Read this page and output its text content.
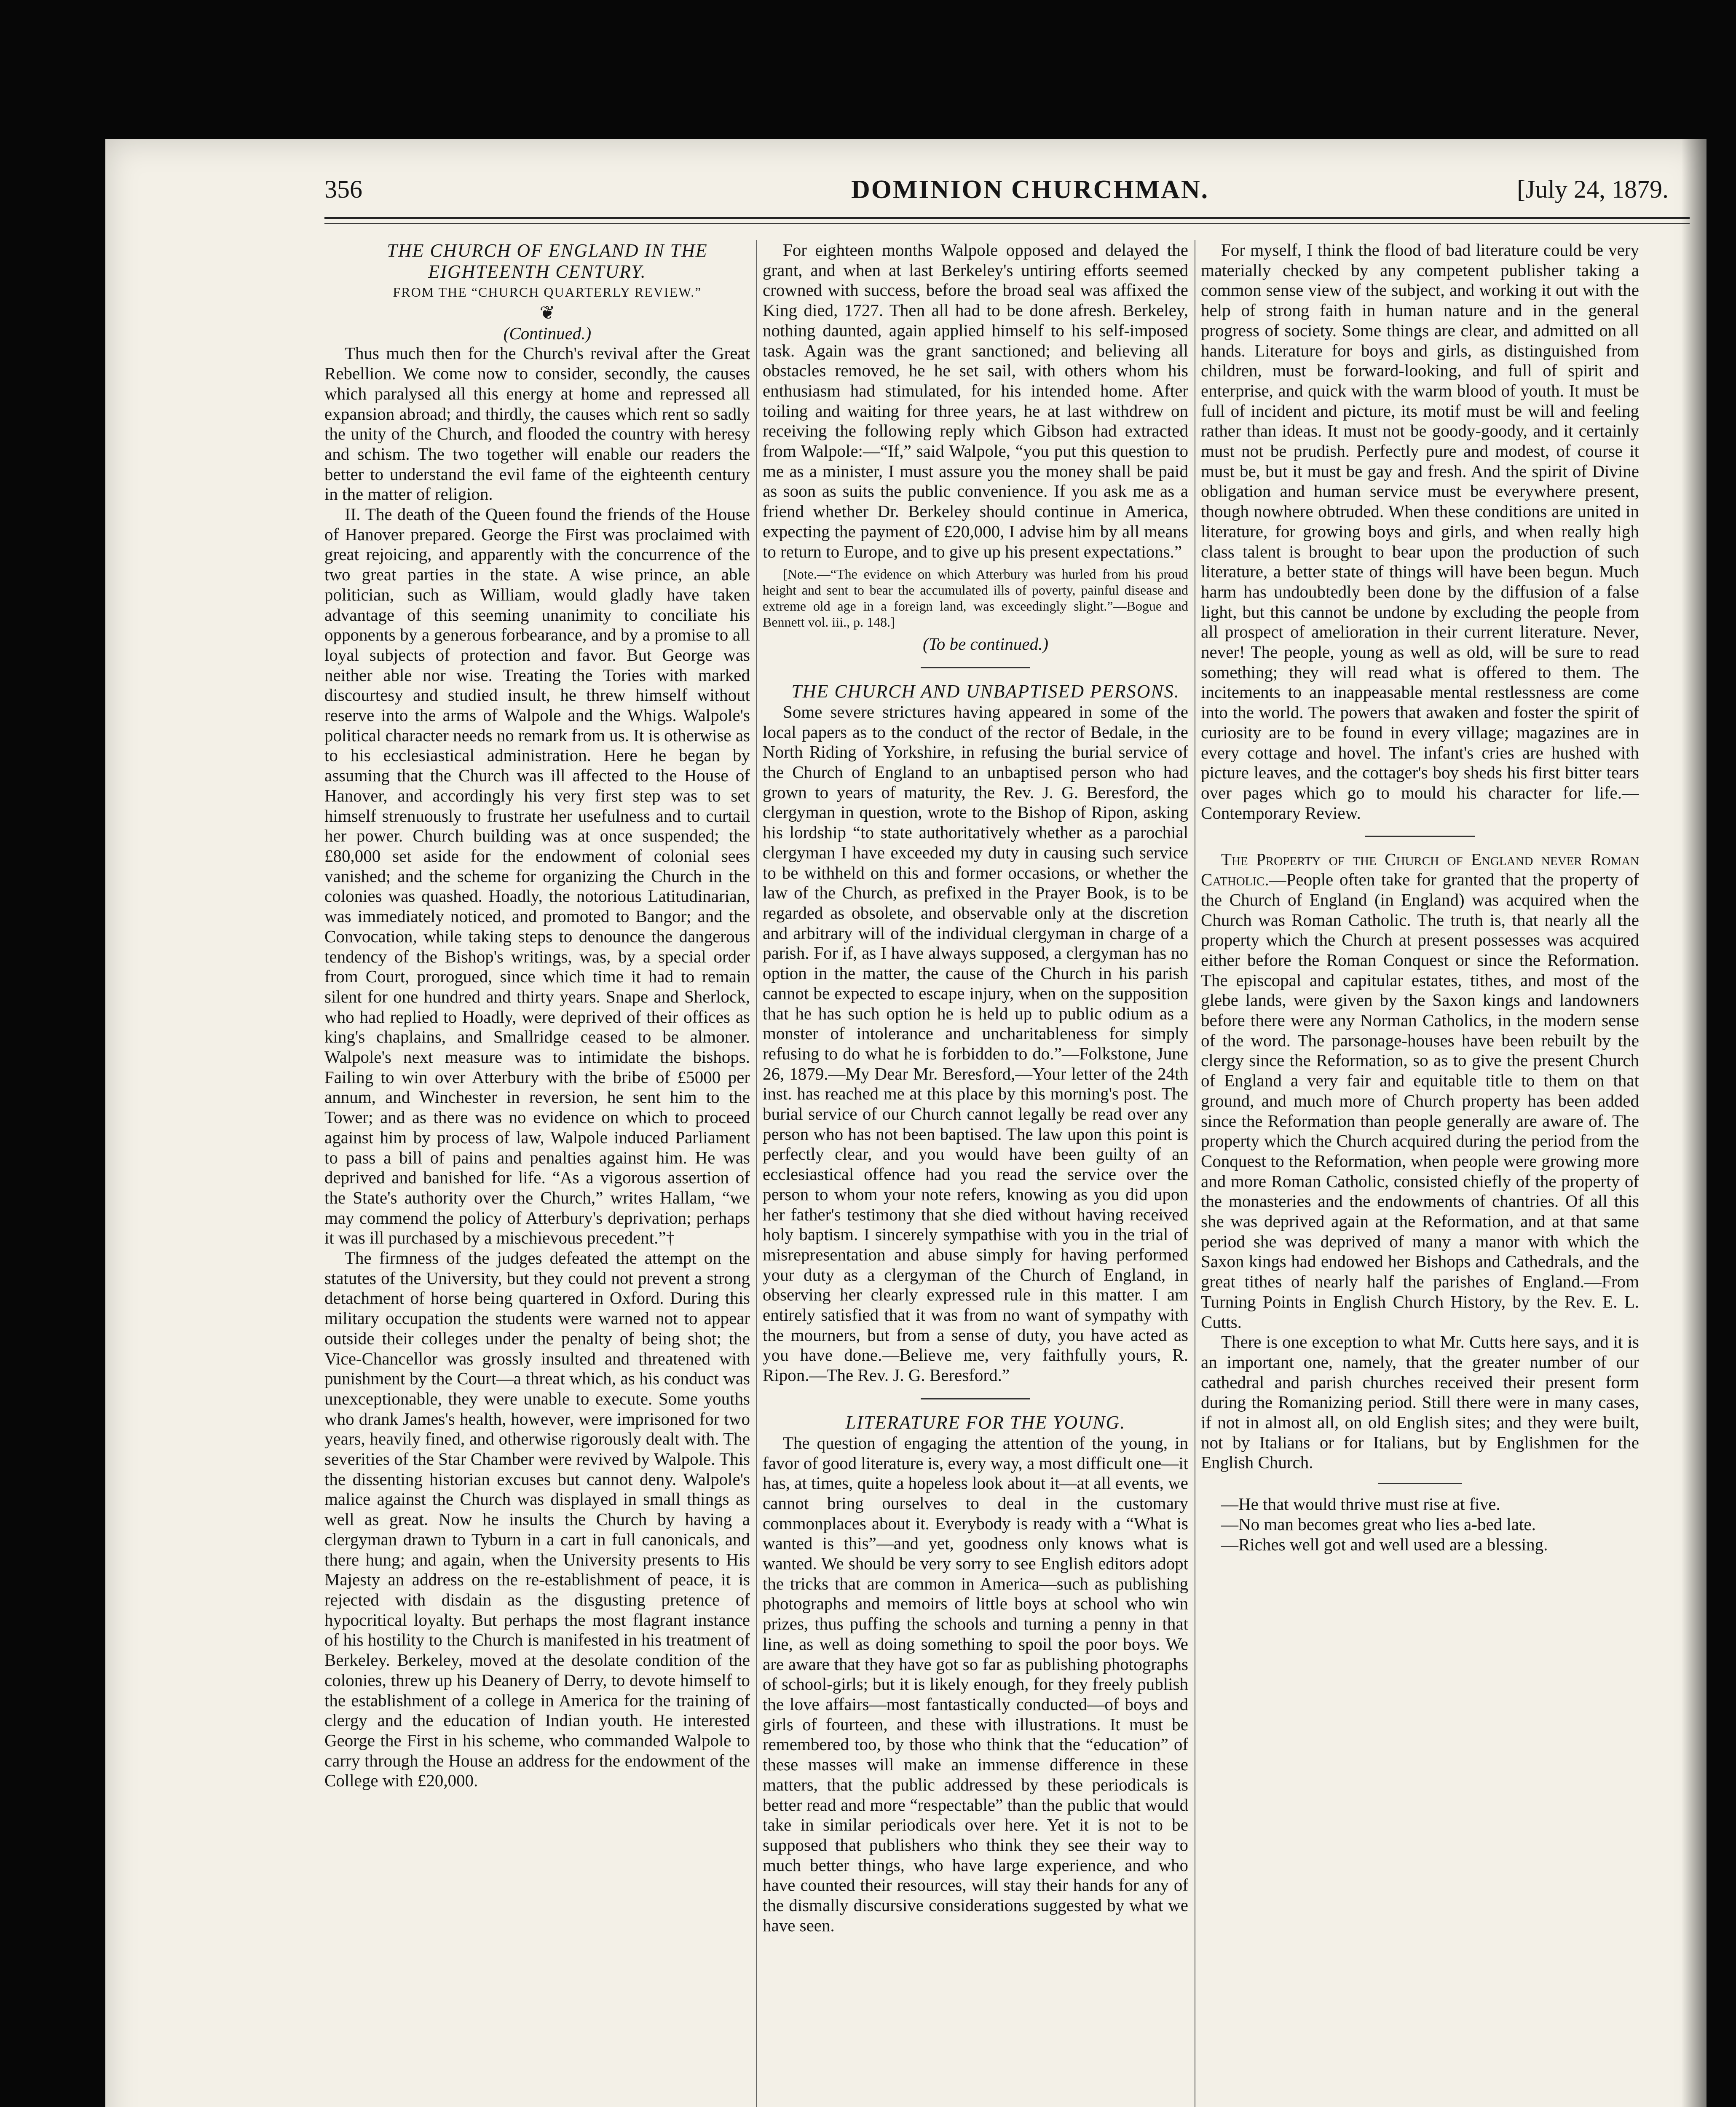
356	DOMINION CHURCHMAN.	[July 24, 1879.

THE CHURCH OF ENGLAND IN THE EIGHTEENTH CENTURY.

FROM THE “CHURCH QUARTERLY REVIEW.”

❦

(Continued.)

Thus much then for the Church's revival after the Great Rebellion. We come now to consider, secondly, the causes which paralysed all this energy at home and repressed all expansion abroad; and thirdly, the causes which rent so sadly the unity of the Church, and flooded the country with heresy and schism. The two together will enable our readers the better to understand the evil fame of the eighteenth century in the matter of religion.

II. The death of the Queen found the friends of the House of Hanover prepared. George the First was proclaimed with great rejoicing, and apparently with the concurrence of the two great parties in the state. A wise prince, an able politician, such as William, would gladly have taken advantage of this seeming unanimity to conciliate his opponents by a generous forbearance, and by a promise to all loyal subjects of protection and favor. But George was neither able nor wise. Treating the Tories with marked discourtesy and studied insult, he threw himself without reserve into the arms of Walpole and the Whigs. Walpole's political character needs no remark from us. It is otherwise as to his ecclesiastical administration. Here he began by assuming that the Church was ill affected to the House of Hanover, and accordingly his very first step was to set himself strenuously to frustrate her usefulness and to curtail her power. Church building was at once suspended; the £80,000 set aside for the endowment of colonial sees vanished; and the scheme for organizing the Church in the colonies was quashed. Hoadly, the notorious Latitudinarian, was immediately noticed, and promoted to Bangor; and the Convocation, while taking steps to denounce the dangerous tendency of the Bishop's writings, was, by a special order from Court, prorogued, since which time it had to remain silent for one hundred and thirty years. Snape and Sherlock, who had replied to Hoadly, were deprived of their offices as king's chaplains, and Smallridge ceased to be almoner. Walpole's next measure was to intimidate the bishops. Failing to win over Atterbury with the bribe of £5000 per annum, and Winchester in reversion, he sent him to the Tower; and as there was no evidence on which to proceed against him by process of law, Walpole induced Parliament to pass a bill of pains and penalties against him. He was deprived and banished for life. “As a vigorous assertion of the State's authority over the Church,” writes Hallam, “we may commend the policy of Atterbury's deprivation; perhaps it was ill purchased by a mischievous precedent.”†

The firmness of the judges defeated the attempt on the statutes of the University, but they could not prevent a strong detachment of horse being quartered in Oxford. During this military occupation the students were warned not to appear outside their colleges under the penalty of being shot; the Vice-Chancellor was grossly insulted and threatened with punishment by the Court—a threat which, as his conduct was unexceptionable, they were unable to execute. Some youths who drank James's health, however, were imprisoned for two years, heavily fined, and otherwise rigorously dealt with. The severities of the Star Chamber were revived by Walpole. This the dissenting historian excuses but cannot deny. Walpole's malice against the Church was displayed in small things as well as great. Now he insults the Church by having a clergyman drawn to Tyburn in a cart in full canonicals, and there hung; and again, when the University presents to His Majesty an address on the re-establishment of peace, it is rejected with disdain as the disgusting pretence of hypocritical loyalty. But perhaps the most flagrant instance of his hostility to the Church is manifested in his treatment of Berkeley. Berkeley, moved at the desolate condition of the colonies, threw up his Deanery of Derry, to devote himself to the establishment of a college in America for the training of clergy and the education of Indian youth. He interested George the First in his scheme, who commanded Walpole to carry through the House an address for the endowment of the College with £20,000.

For eighteen months Walpole opposed and delayed the grant, and when at last Berkeley's untiring efforts seemed crowned with success, before the broad seal was affixed the King died, 1727. Then all had to be done afresh. Berkeley, nothing daunted, again applied himself to his self-imposed task. Again was the grant sanctioned; and believing all obstacles removed, he he set sail, with others whom his enthusiasm had stimulated, for his intended home. After toiling and waiting for three years, he at last withdrew on receiving the following reply which Gibson had extracted from Walpole:—“If,” said Walpole, “you put this question to me as a minister, I must assure you the money shall be paid as soon as suits the public convenience. If you ask me as a friend whether Dr. Berkeley should continue in America, expecting the payment of £20,000, I advise him by all means to return to Europe, and to give up his present expectations.”

[Note.—“The evidence on which Atterbury was hurled from his proud height and sent to bear the accumulated ills of poverty, painful disease and extreme old age in a foreign land, was exceedingly slight.”—Bogue and Bennett vol. iii., p. 148.]

(To be continued.)

THE CHURCH AND UNBAPTISED PERSONS.

Some severe strictures having appeared in some of the local papers as to the conduct of the rector of Bedale, in the North Riding of Yorkshire, in refusing the burial service of the Church of England to an unbaptised person who had grown to years of maturity, the Rev. J. G. Beresford, the clergyman in question, wrote to the Bishop of Ripon, asking his lordship “to state authoritatively whether as a parochial clergyman I have exceeded my duty in causing such service to be withheld on this and former occasions, or whether the law of the Church, as prefixed in the Prayer Book, is to be regarded as obsolete, and observable only at the discretion and arbitrary will of the individual clergyman in charge of a parish. For if, as I have always supposed, a clergyman has no option in the matter, the cause of the Church in his parish cannot be expected to escape injury, when on the supposition that he has such option he is held up to public odium as a monster of intolerance and uncharitableness for simply refusing to do what he is forbidden to do.”—Folkstone, June 26, 1879.—My Dear Mr. Beresford,—Your letter of the 24th inst. has reached me at this place by this morning's post. The burial service of our Church cannot legally be read over any person who has not been baptised. The law upon this point is perfectly clear, and you would have been guilty of an ecclesiastical offence had you read the service over the person to whom your note refers, knowing as you did upon her father's testimony that she died without having received holy baptism. I sincerely sympathise with you in the trial of misrepresentation and abuse simply for having performed your duty as a clergyman of the Church of England, in observing her clearly expressed rule in this matter. I am entirely satisfied that it was from no want of sympathy with the mourners, but from a sense of duty, you have acted as you have done.—Believe me, very faithfully yours, R. Ripon.—The Rev. J. G. Beresford.”

LITERATURE FOR THE YOUNG.

The question of engaging the attention of the young, in favor of good literature is, every way, a most difficult one—it has, at times, quite a hopeless look about it—at all events, we cannot bring ourselves to deal in the customary commonplaces about it. Everybody is ready with a “What is wanted is this”—and yet, goodness only knows what is wanted. We should be very sorry to see English editors adopt the tricks that are common in America—such as publishing photographs and memoirs of little boys at school who win prizes, thus puffing the schools and turning a penny in that line, as well as doing something to spoil the poor boys. We are aware that they have got so far as publishing photographs of school-girls; but it is likely enough, for they freely publish the love affairs—most fantastically conducted—of boys and girls of fourteen, and these with illustrations. It must be remembered too, by those who think that the “education” of these masses will make an immense difference in these matters, that the public addressed by these periodicals is better read and more “respectable” than the public that would take in similar periodicals over here. Yet it is not to be supposed that publishers who think they see their way to much better things, who have large experience, and who have counted their resources, will stay their hands for any of the dismally discursive considerations suggested by what we have seen.

For myself, I think the flood of bad literature could be very materially checked by any competent publisher taking a common sense view of the subject, and working it out with the help of strong faith in human nature and in the general progress of society. Some things are clear, and admitted on all hands. Literature for boys and girls, as distinguished from children, must be forward-looking, and full of spirit and enterprise, and quick with the warm blood of youth. It must be full of incident and picture, its motif must be will and feeling rather than ideas. It must not be goody-goody, and it certainly must not be prudish. Perfectly pure and modest, of course it must be, but it must be gay and fresh. And the spirit of Divine obligation and human service must be everywhere present, though nowhere obtruded. When these conditions are united in literature, for growing boys and girls, and when really high class talent is brought to bear upon the production of such literature, a better state of things will have been begun. Much harm has undoubtedly been done by the diffusion of a false light, but this cannot be undone by excluding the people from all prospect of amelioration in their current literature. Never, never! The people, young as well as old, will be sure to read something; they will read what is offered to them. The incitements to an inappeasable mental restlessness are come into the world. The powers that awaken and foster the spirit of curiosity are to be found in every village; magazines are in every cottage and hovel. The infant's cries are hushed with picture leaves, and the cottager's boy sheds his first bitter tears over pages which go to mould his character for life.—Contemporary Review.

The Property of the Church of England never Roman Catholic.—People often take for granted that the property of the Church of England (in England) was acquired when the Church was Roman Catholic. The truth is, that nearly all the property which the Church at present possesses was acquired either before the Roman Conquest or since the Reformation. The episcopal and capitular estates, tithes, and most of the glebe lands, were given by the Saxon kings and landowners before there were any Norman Catholics, in the modern sense of the word. The parsonage-houses have been rebuilt by the clergy since the Reformation, so as to give the present Church of England a very fair and equitable title to them on that ground, and much more of Church property has been added since the Reformation than people generally are aware of. The property which the Church acquired during the period from the Conquest to the Reformation, when people were growing more and more Roman Catholic, consisted chiefly of the property of the monasteries and the endowments of chantries. Of all this she was deprived again at the Reformation, and at that same period she was deprived of many a manor with which the Saxon kings had endowed her Bishops and Cathedrals, and the great tithes of nearly half the parishes of England.—From Turning Points in English Church History, by the Rev. E. L. Cutts.

There is one exception to what Mr. Cutts here says, and it is an important one, namely, that the greater number of our cathedral and parish churches received their present form during the Romanizing period. Still there were in many cases, if not in almost all, on old English sites; and they were built, not by Italians or for Italians, but by Englishmen for the English Church.

—He that would thrive must rise at five.

—No man becomes great who lies a-bed late.

—Riches well got and well used are a blessing.
